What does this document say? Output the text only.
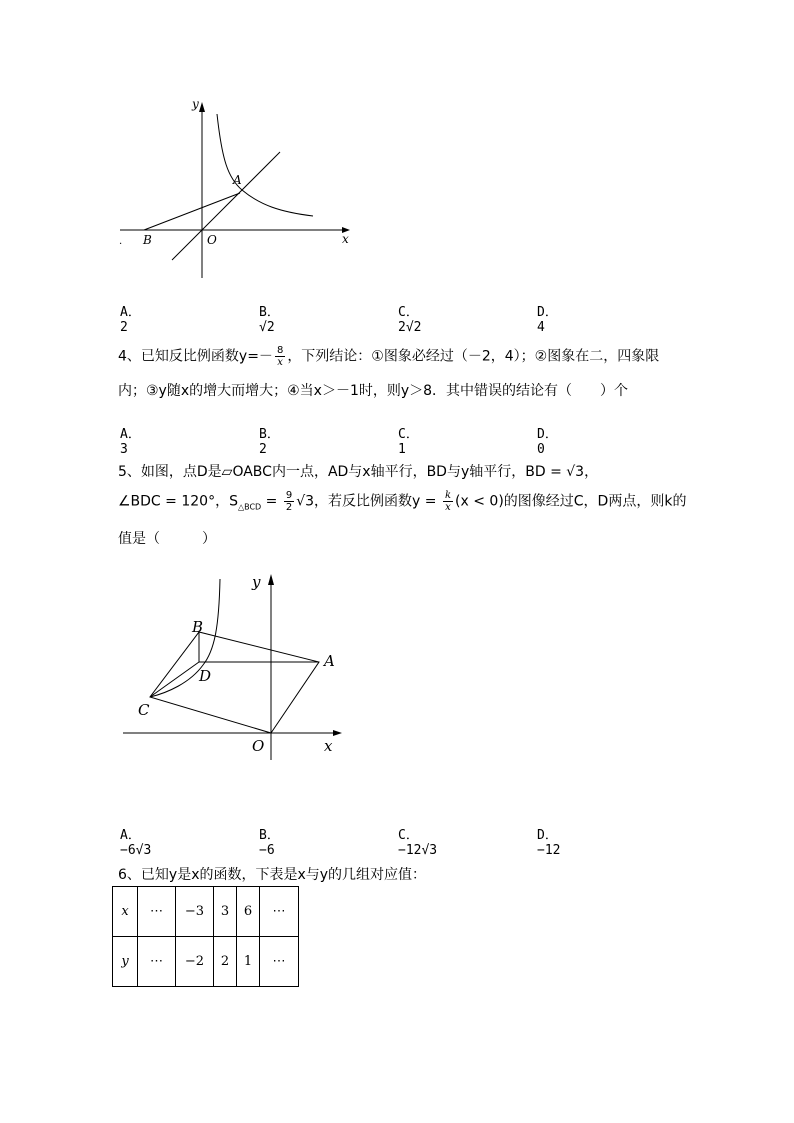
y
x
A
B	O
.
A．2
B．√2
C．2√2
D．4
4、已知反比例函数$y=- \frac{8}{x}$ ，下列结论：①图象必经过（－2，4）；②图象在二，四象限
内；③y随x的增大而增大；④当x＞－1时，则y＞8．其中错误的结论有（　　）个
A．3
B．2
C．1
D．0
5、如图，点D是▱OABC内一点，AD与x轴平行，BD与y轴平行，BD = √3，
∠BDC = 120°，$S_{\triangle BCD} = \frac{9}{2} √3$，若反比例函数$y = \frac{k}{x} (x < 0)$的图像经过C，D两点，则k的
值是（　　　）
y
x
A
B
C
D
O
A．−6√3
B．−6
C．−12√3
D．−12
6、已知y是x的函数，下表是x与y的几组对应值：
x	⋯	−3	3	6	⋯
y	⋯	−2	2	1	⋯
